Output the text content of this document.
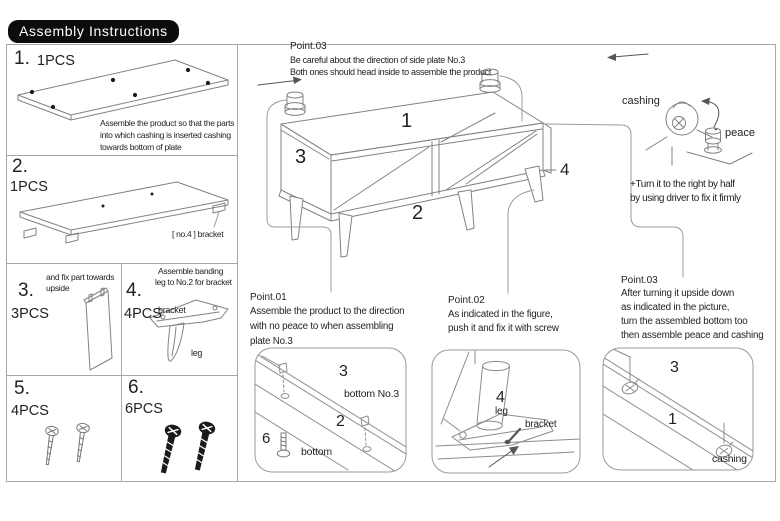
Assembly Instructions
1. 1PCS
Assemble the product so that the parts
into which cashing is inserted cashing
towards bottom of plate
2.
1PCS
[ no.4 ] bracket
3.
and fix part towards
upside
3PCS
4.
Assemble banding
leg to No.2 for bracket
4PCS
bracket
leg
5.
4PCS
6.
6PCS
Point.03
Be careful about the direction of side plate No.3
Both ones should head inside to assemble the product
1
3
2
4
cashing
peace
+Turn it to the right by half
by using driver to fix it firmly
Point.01
Assemble the product to the direction
with no peace to when assembling
plate No.3
3
bottom No.3
2
6
bottom
Point.02
As indicated in the figure,
push it and fix it with screw
4
leg
bracket
Point.03
After turning it upside down
as indicated in the picture,
turn the assembled bottom too
then assemble peace and cashing
3
1
cashing
